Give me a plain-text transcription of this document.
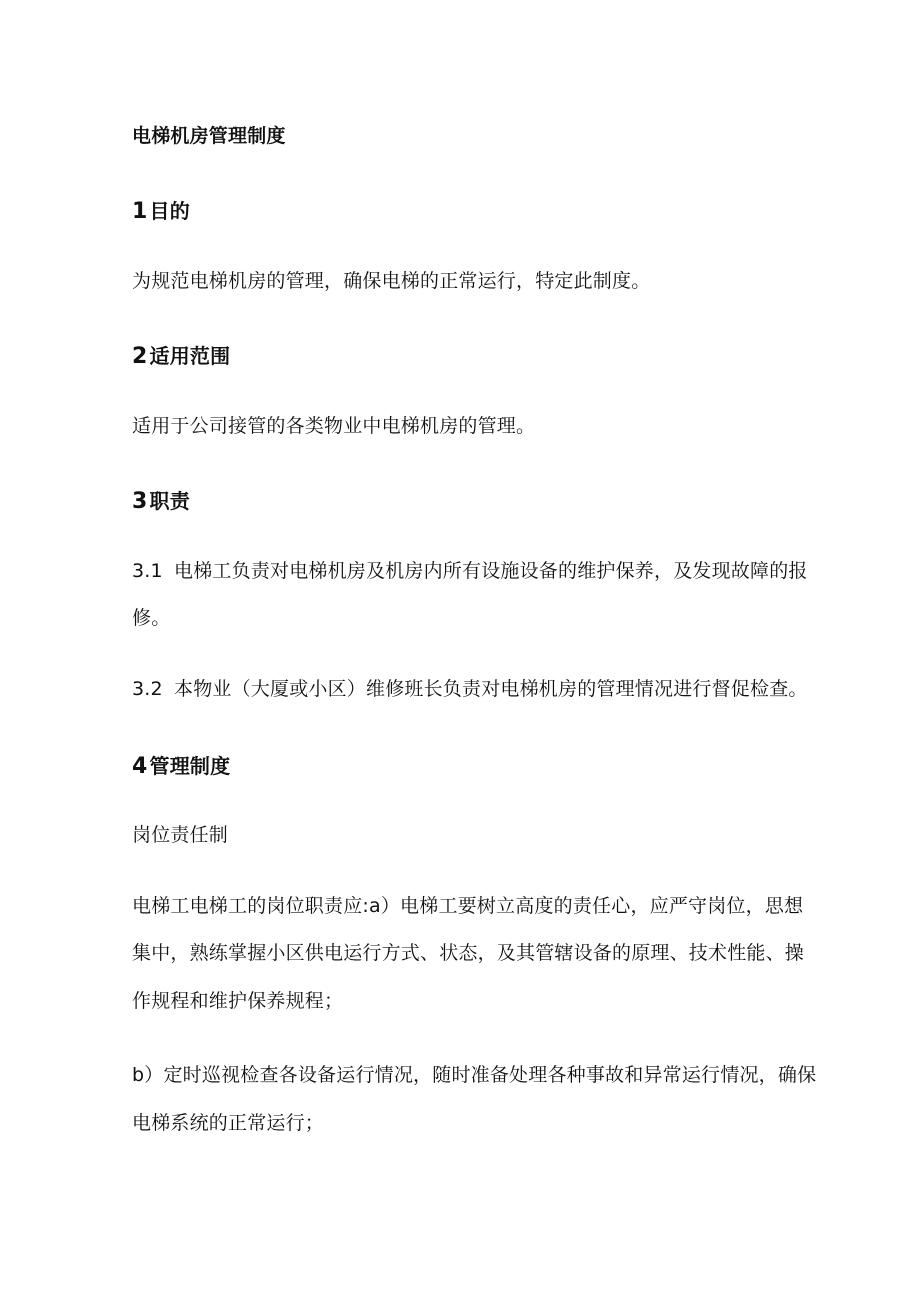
电梯机房管理制度
1 目的
为规范电梯机房的管理，确保电梯的正常运行，特定此制度。
2 适用范围
适用于公司接管的各类物业中电梯机房的管理。
3 职责
3.1 电梯工负责对电梯机房及机房内所有设施设备的维护保养，及发现故障的报
修。
3.2 本物业（大厦或小区）维修班长负责对电梯机房的管理情况进行督促检查。
4 管理制度
岗位责任制
电梯工电梯工的岗位职责应:a）电梯工要树立高度的责任心，应严守岗位，思想
集中，熟练掌握小区供电运行方式、状态，及其管辖设备的原理、技术性能、操
作规程和维护保养规程；
b）定时巡视检查各设备运行情况，随时准备处理各种事故和异常运行情况，确保
电梯系统的正常运行；
